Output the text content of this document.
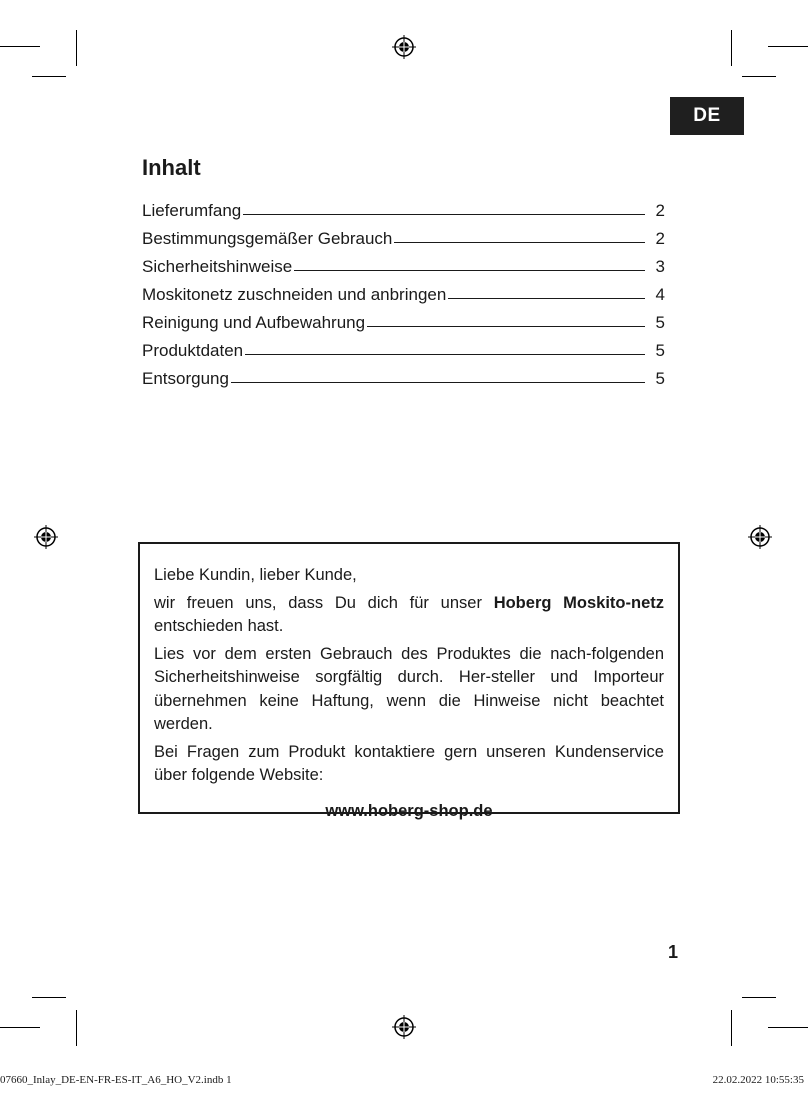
DE
Inhalt
Lieferumfang	2
Bestimmungsgemäßer Gebrauch	2
Sicherheitshinweise	3
Moskitonetz zuschneiden und anbringen	4
Reinigung und Aufbewahrung	5
Produktdaten	5
Entsorgung	5

Liebe Kundin, lieber Kunde,

wir freuen uns, dass Du dich für unser Hoberg Moskito-netz entschieden hast.

Lies vor dem ersten Gebrauch des Produktes die nach-folgenden Sicherheitshinweise sorgfältig durch. Her-steller und Importeur übernehmen keine Haftung, wenn die Hinweise nicht beachtet werden.

Bei Fragen zum Produkt kontaktiere gern unseren Kundenservice über folgende Website:

www.hoberg-shop.de

1
07660_Inlay_DE-EN-FR-ES-IT_A6_HO_V2.indb 1	22.02.2022 10:55:35
